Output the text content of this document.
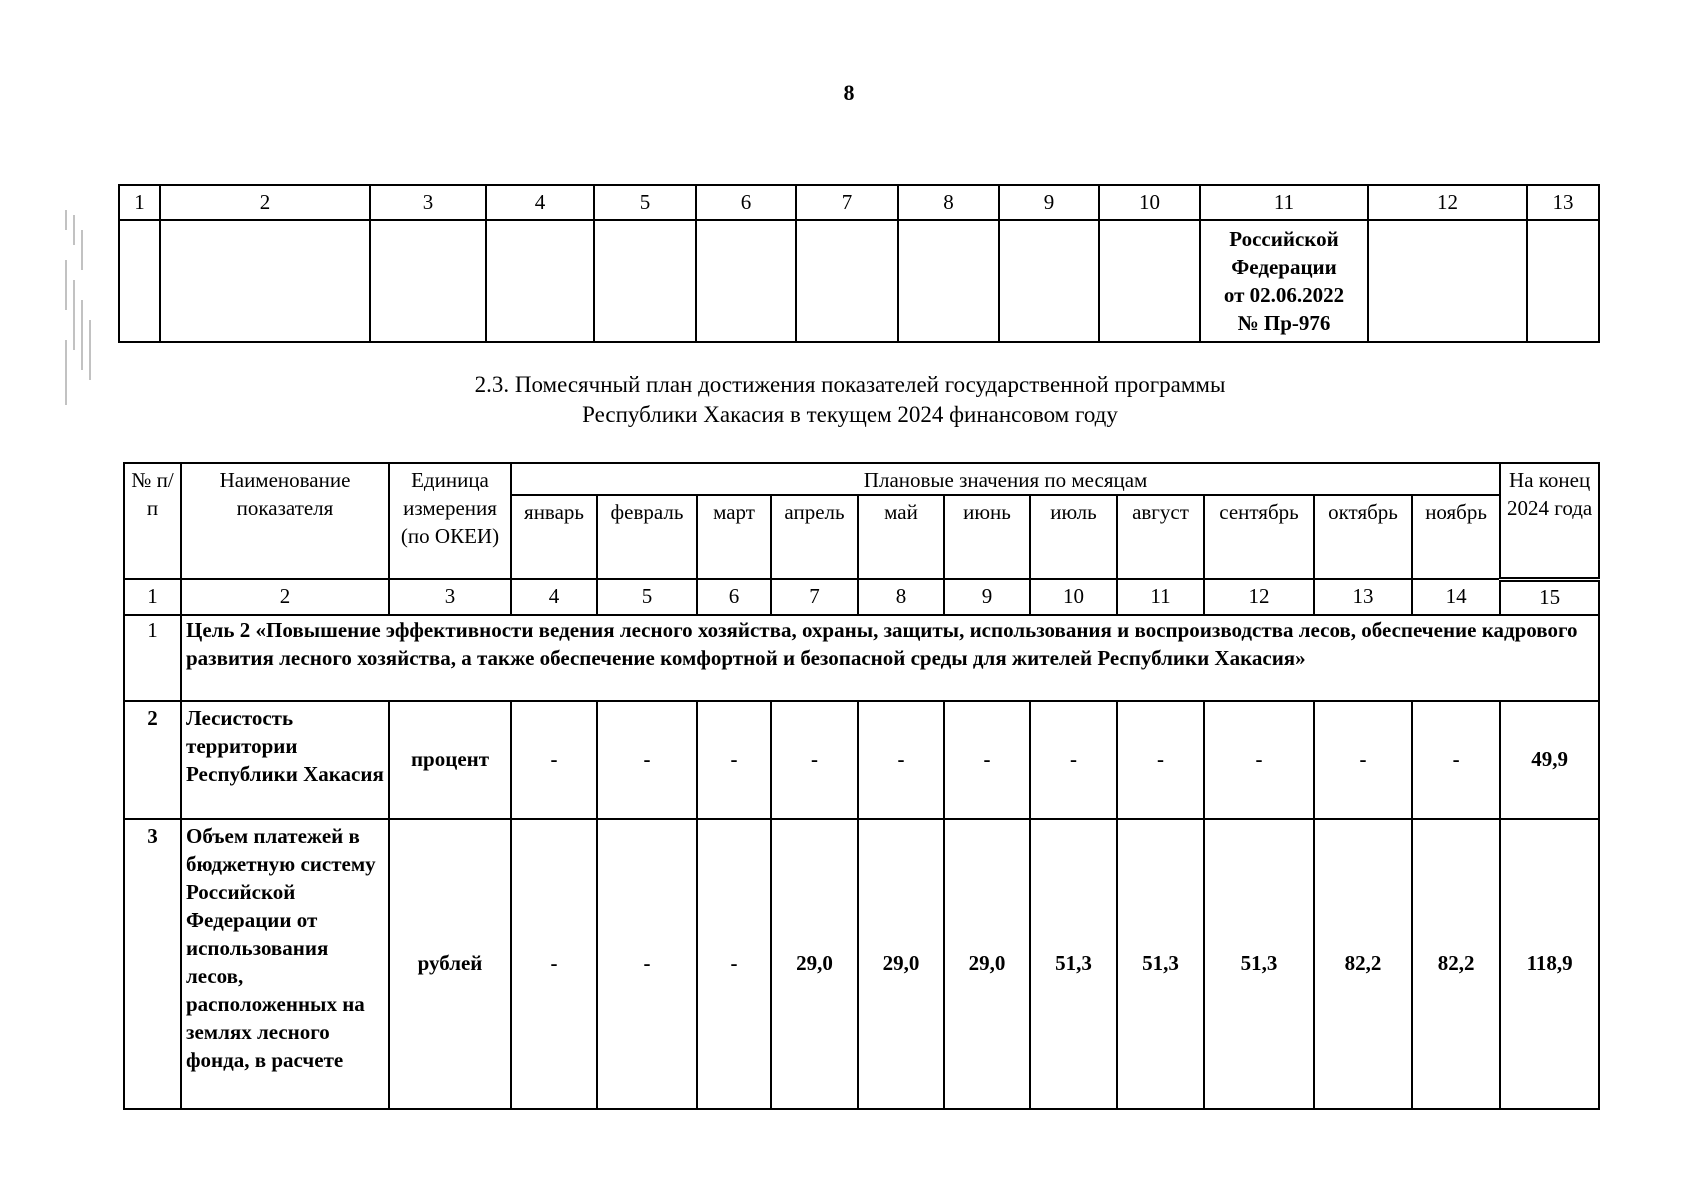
8
1	2	3	4	5	6	7	8	9	10	11	12	13

										Российской
Федерации
от 02.06.2022
№ Пр-976		

2.3. Помесячный план достижения показателей государственной программы
Республики Хакасия в текущем 2024 финансовом году
№ п/п	Наименование показателя	Единица измерения (по ОКЕИ)	Плановые значения по месяцам											На конец 2024 года
			январь	февраль	март	апрель	май	июнь	июль	август	сентябрь	октябрь	ноябрь	
1	2	3	4	5	6	7	8	9	10	11	12	13	14	15
1	Цель 2 «Повышение эффективности ведения лесного хозяйства, охраны, защиты, использования и воспроизводства лесов, обеспечение кадрового развития лесного хозяйства, а также обеспечение комфортной и безопасной среды для жителей Республики Хакасия»													
2	Лесистость территории Республики Хакасия	процент	-	-	-	-	-	-	-	-	-	-	-	49,9
3	Объем платежей в бюджетную систему Российской Федерации от использования лесов, расположенных на землях лесного фонда, в расчете	рублей	-	-	-	29,0	29,0	29,0	51,3	51,3	51,3	82,2	82,2	118,9
